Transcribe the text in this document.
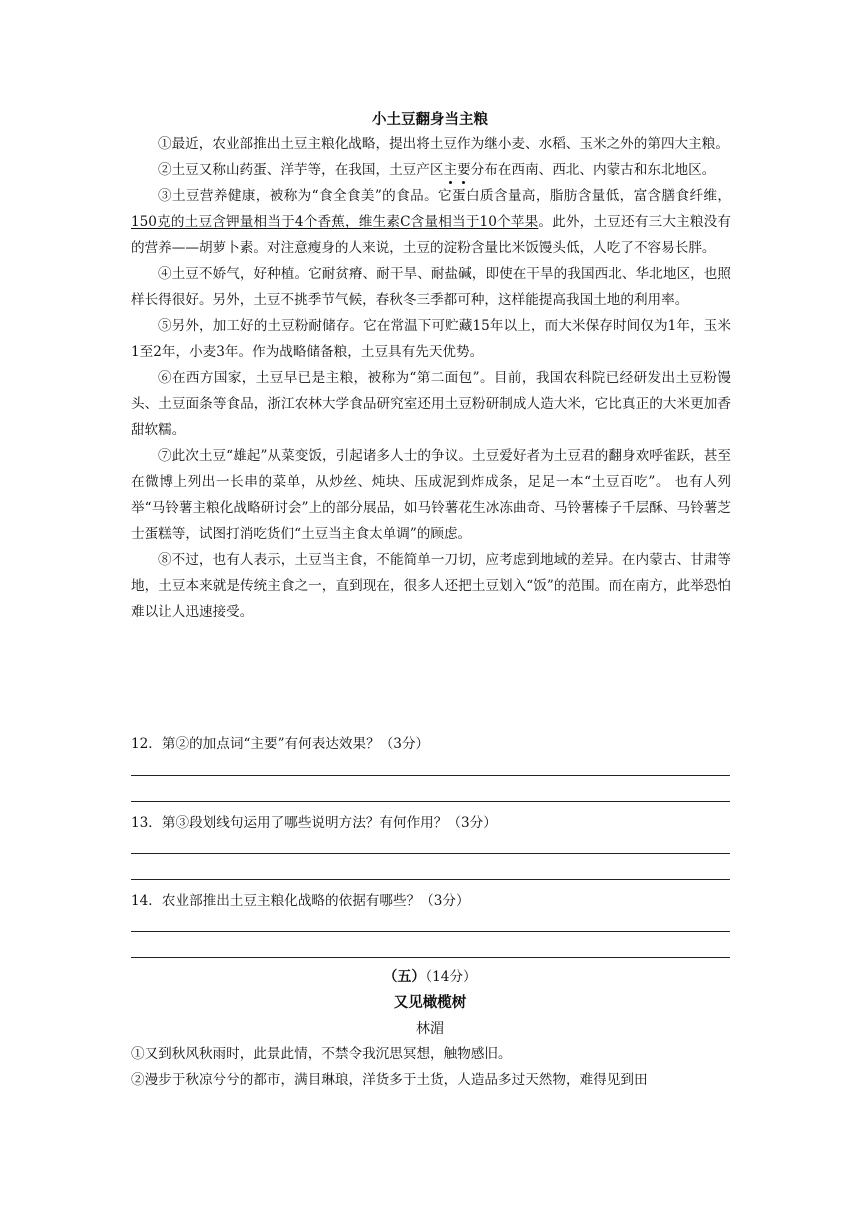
小土豆翻身当主粮

①最近，农业部推出土豆主粮化战略，提出将土豆作为继小麦、水稻、玉米之外的第四大主粮。

②土豆又称山药蛋、洋芋等，在我国，土豆产区主要分布在西南、西北、内蒙古和东北地区。

③土豆营养健康，被称为“食全食美”的食品。它蛋白质含量高，脂肪含量低，富含膳食纤维，150克的土豆含钾量相当于4个香蕉，维生素C含量相当于10个苹果。此外，土豆还有三大主粮没有的营养——胡萝卜素。对注意瘦身的人来说，土豆的淀粉含量比米饭馒头低，人吃了不容易长胖。

④土豆不娇气，好种植。它耐贫瘠、耐干旱、耐盐碱，即使在干旱的我国西北、华北地区，也照样长得很好。另外，土豆不挑季节气候，春秋冬三季都可种，这样能提高我国土地的利用率。

⑤另外，加工好的土豆粉耐储存。它在常温下可贮藏15年以上，而大米保存时间仅为1年，玉米1至2年，小麦3年。作为战略储备粮，土豆具有先天优势。

⑥在西方国家，土豆早已是主粮，被称为“第二面包”。目前，我国农科院已经研发出土豆粉馒头、土豆面条等食品，浙江农林大学食品研究室还用土豆粉研制成人造大米，它比真正的大米更加香甜软糯。

⑦此次土豆“雄起”从菜变饭，引起诸多人士的争议。土豆爱好者为土豆君的翻身欢呼雀跃，甚至在微博上列出一长串的菜单，从炒丝、炖块、压成泥到炸成条，足足一本“土豆百吃”。 也有人列举“马铃薯主粮化战略研讨会”上的部分展品，如马铃薯花生冰冻曲奇、马铃薯榛子千层酥、马铃薯芝士蛋糕等，试图打消吃货们“土豆当主食太单调”的顾虑。

⑧不过，也有人表示，土豆当主食，不能简单一刀切，应考虑到地域的差异。在内蒙古、甘肃等地，土豆本来就是传统主食之一，直到现在，很多人还把土豆划入“饭”的范围。而在南方，此举恐怕难以让人迅速接受。

12．第②的加点词“主要”有何表达效果？（3分）
13．第③段划线句运用了哪些说明方法？有何作用？（3分）
14．农业部推出土豆主粮化战略的依据有哪些？（3分）
（五）（14分）
又见橄榄树
林湄

①又到秋风秋雨时，此景此情，不禁令我沉思冥想，触物感旧。

②漫步于秋凉兮兮的都市，满目琳琅，洋货多于土货，人造品多过天然物，难得见到田
